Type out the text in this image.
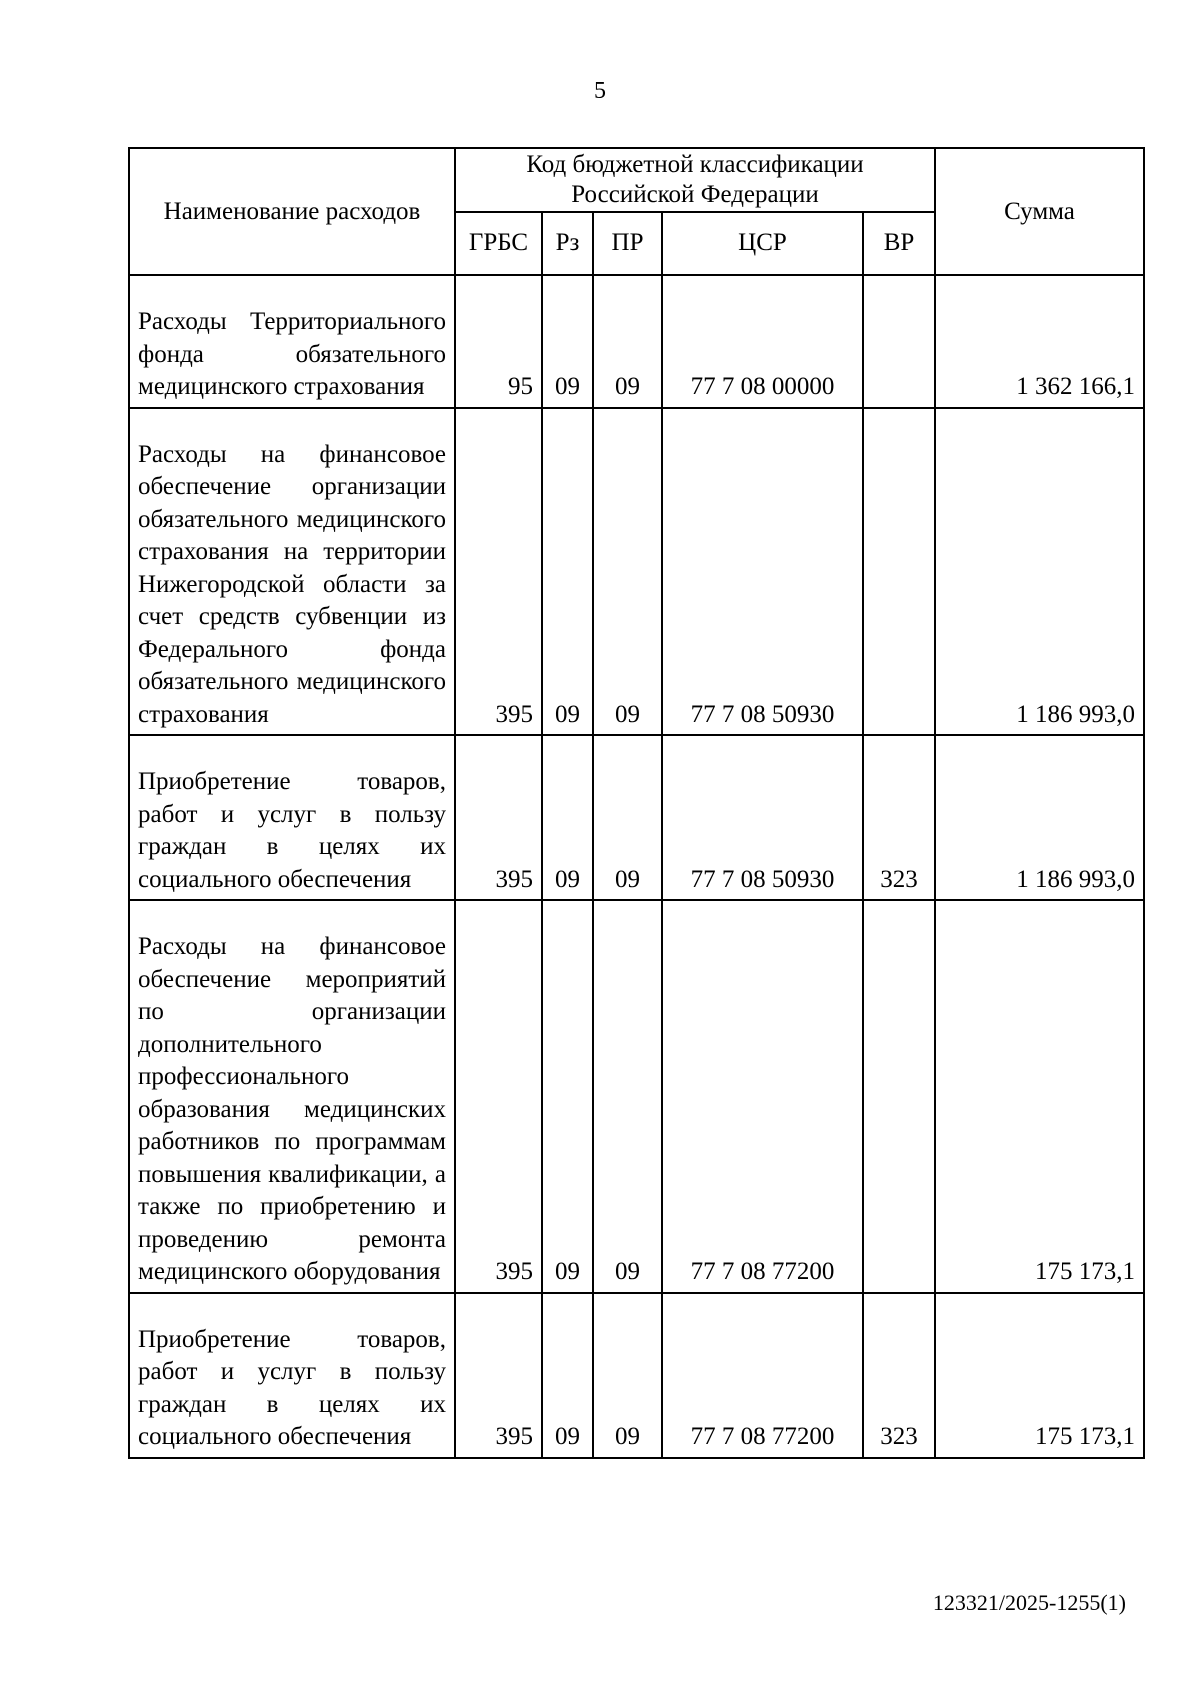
5
Наименование расходов	Код бюджетной классификации Российской Федерации					Сумма
	ГРБС	Рз	ПР	ЦСР	ВР	
Расходы Территориального фонда обязательного медицинского страхования	95	09	09	77 7 08 00000		1 362 166,1
Расходы на финансовое обеспечение организации обязательного медицинского страхования на территории Нижегородской области за счет средств субвенции из Федерального фонда обязательного медицинского страхования	395	09	09	77 7 08 50930		1 186 993,0
Приобретение товаров, работ и услуг в пользу граждан в целях их социального обеспечения	395	09	09	77 7 08 50930	323	1 186 993,0
Расходы на финансовое обеспечение мероприятий по организации дополнительного профессионального образования медицинских работников по программам повышения квалификации, а также по приобретению и проведению ремонта медицинского оборудования	395	09	09	77 7 08 77200		175 173,1
Приобретение товаров, работ и услуг в пользу граждан в целях их социального обеспечения	395	09	09	77 7 08 77200	323	175 173,1
123321/2025-1255(1)
